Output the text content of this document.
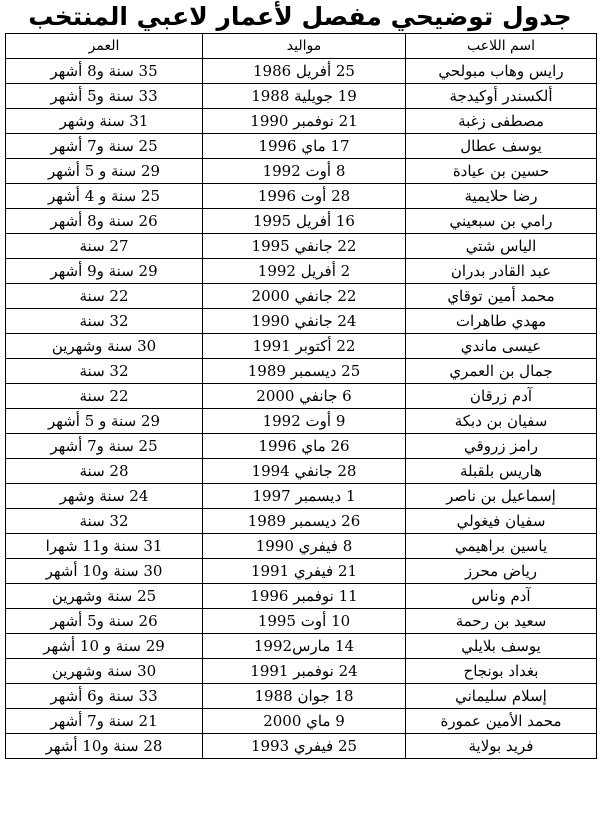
جدول توضيحي مفصل لأعمار لاعبي المنتخب
اسم اللاعب	مواليد	العمر
رايس وهاب مبولحي	25 أفريل 1986	35 سنة و8 أشهر
ألكسندر أوكيدجة	19 جويلية 1988	33 سنة و5 أشهر
مصطفى زغبة	21 نوفمبر 1990	31 سنة وشهر
يوسف عطال	17 ماي 1996	25 سنة و7 أشهر
حسين بن عيادة	8 أوت 1992	29 سنة و 5 أشهر
رضا حلايمية	28 أوت 1996	25 سنة و 4 أشهر
رامي بن سبعيني	16 أفريل 1995	26 سنة و8 أشهر
الياس شتي	22 جانفي 1995	27 سنة
عبد القادر بدران	2 أفريل 1992	29 سنة و9 أشهر
محمد أمين توقاي	22 جانفي 2000	22 سنة
مهدي طاهرات	24 جانفي 1990	32 سنة
عيسى ماندي	22 أكتوبر 1991	30 سنة وشهرين
جمال بن العمري	25 ديسمبر 1989	32 سنة
آدم زرقان	6 جانفي 2000	22 سنة
سفيان بن دبكة	9 أوت 1992	29 سنة و 5 أشهر
رامز زروقي	26 ماي 1996	25 سنة و7 أشهر
هاريس بلقبلة	28 جانفي 1994	28 سنة
إسماعيل بن ناصر	1 ديسمبر 1997	24 سنة وشهر
سفيان فيغولي	26 ديسمبر 1989	32 سنة
ياسين براهيمي	8 فيفري 1990	31 سنة و11 شهرا
رياض محرز	21 فيفري 1991	30 سنة و10 أشهر
آدم وناس	11 نوفمبر 1996	25 سنة وشهرين
سعيد بن رحمة	10 أوت 1995	26 سنة و5 أشهر
يوسف بلايلي	14 مارس1992	29 سنة و 10 أشهر
بغداد بونجاح	24 نوفمبر 1991	30 سنة وشهرين
إسلام سليماني	18 جوان 1988	33 سنة و6 أشهر
محمد الأمين عمورة	9 ماي 2000	21 سنة و7 أشهر
فريد بولاية	25 فيفري 1993	28 سنة و10 أشهر
